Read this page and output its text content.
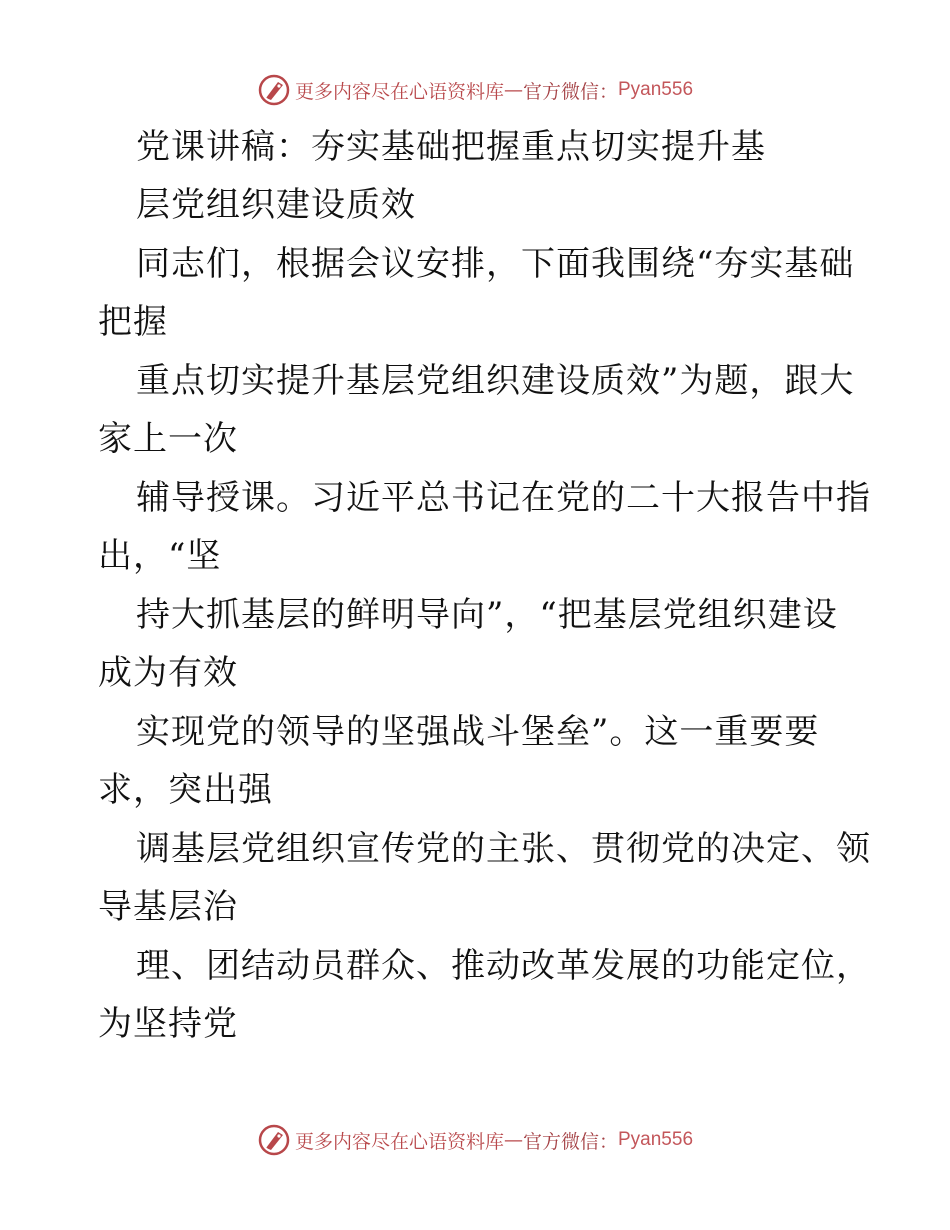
更多内容尽在心语资料库 — 官方微信： Pyan556
党课讲稿：夯实基础把握重点切实提升基
层党组织建设质效
同志们，根据会议安排，下面我围绕“夯实基础
把握
重点切实提升基层党组织建设质效”为题，跟大
家上一次
辅导授课。习近平总书记在党的二十大报告中指
出，“坚
持大抓基层的鲜明导向”，“把基层党组织建设
成为有效
实现党的领导的坚强战斗堡垒”。这一重要要
求，突出强
调基层党组织宣传党的主张、贯彻党的决定、领
导基层治
理、团结动员群众、推动改革发展的功能定位，
为坚持党
更多内容尽在心语资料库 — 官方微信： Pyan556
